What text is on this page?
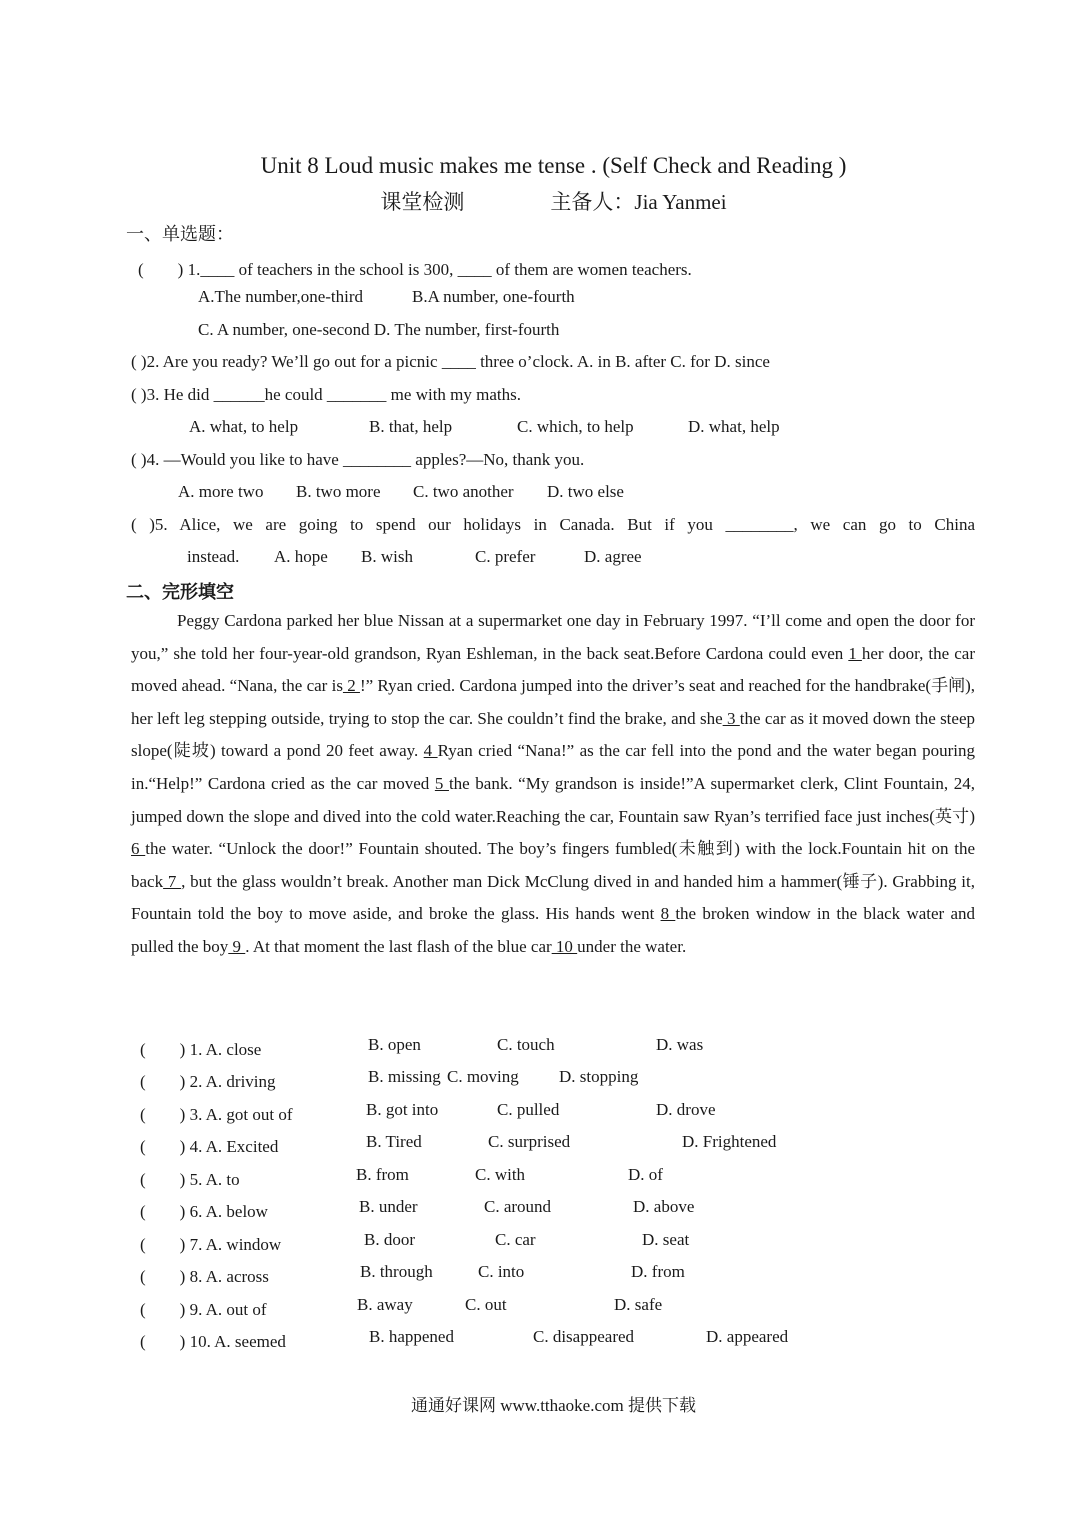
Unit 8 Loud music makes me tense . (Self Check and Reading )
课堂检测	主备人：Jia Yanmei
一、单选题：
(　　) 1.____ of teachers in the school is 300, ____ of them are women teachers.
A.The number,one-third	B.A number, one-fourth
C. A number, one-second D. The number, first-fourth
( )2. Are you ready? We’ll go out for a picnic ____ three o’clock. A. in B. after C. for D. since
( )3. He did ______he could _______ me with my maths.
A. what, to help	B. that, help	C. which, to help	D. what, help
( )4. —Would you like to have ________ apples?—No, thank you.
A. more two B. two more C. two another D. two else
( )5. Alice, we are going to spend our holidays in Canada. But if you ________, we can go to China
instead. A. hope B. wish	C. prefer	D. agree
二、完形填空

Peggy Cardona parked her blue Nissan at a supermarket one day in February 1997. “I’ll come and open the door for you,” she told her four-year-old grandson, Ryan Eshleman, in the back seat.Before Cardona could even 1 her door, the car moved ahead. “Nana, the car is 2 !” Ryan cried. Cardona jumped into the driver’s seat and reached for the handbrake(手闸), her left leg stepping outside, trying to stop the car. She couldn’t find the brake, and she 3 the car as it moved down the steep slope(陡坡) toward a pond 20 feet away. 4 Ryan cried “Nana!” as the car fell into the pond and the water began pouring in.“Help!” Cardona cried as the car moved 5 the bank. “My grandson is inside!”A supermarket clerk, Clint Fountain, 24, jumped down the slope and dived into the cold water.Reaching the car, Fountain saw Ryan’s terrified face just inches(英寸) 6 the water. “Unlock the door!” Fountain shouted. The boy’s fingers fumbled(未触到) with the lock.Fountain hit on the back 7 , but the glass wouldn’t break. Another man Dick McClung dived in and handed him a hammer(锤子). Grabbing it, Fountain told the boy to move aside, and broke the glass. His hands went 8 the broken window in the black water and pulled the boy 9 . At that moment the last flash of the blue car 10 under the water.

(　　) 1. A. close	B. open	C. touch	D. was
(　　) 2. A. driving	B. missing C. moving D. stopping
(　　) 3. A. got out of	B. got into	C. pulled	D. drove
(　　) 4. A. Excited	B. Tired	C. surprised	D. Frightened
(　　) 5. A. to	B. from	C. with	D. of
(　　) 6. A. below	B. under	C. around	D. above
(　　) 7. A. window	B. door	C. car	D. seat
(　　) 8. A. across	B. through	C. into	D. from
(　　) 9. A. out of	B. away	C. out	D. safe
(　　) 10. A. seemed	B. happened	C. disappeared	D. appeared
通通好课网 www.tthaoke.com 提供下载
